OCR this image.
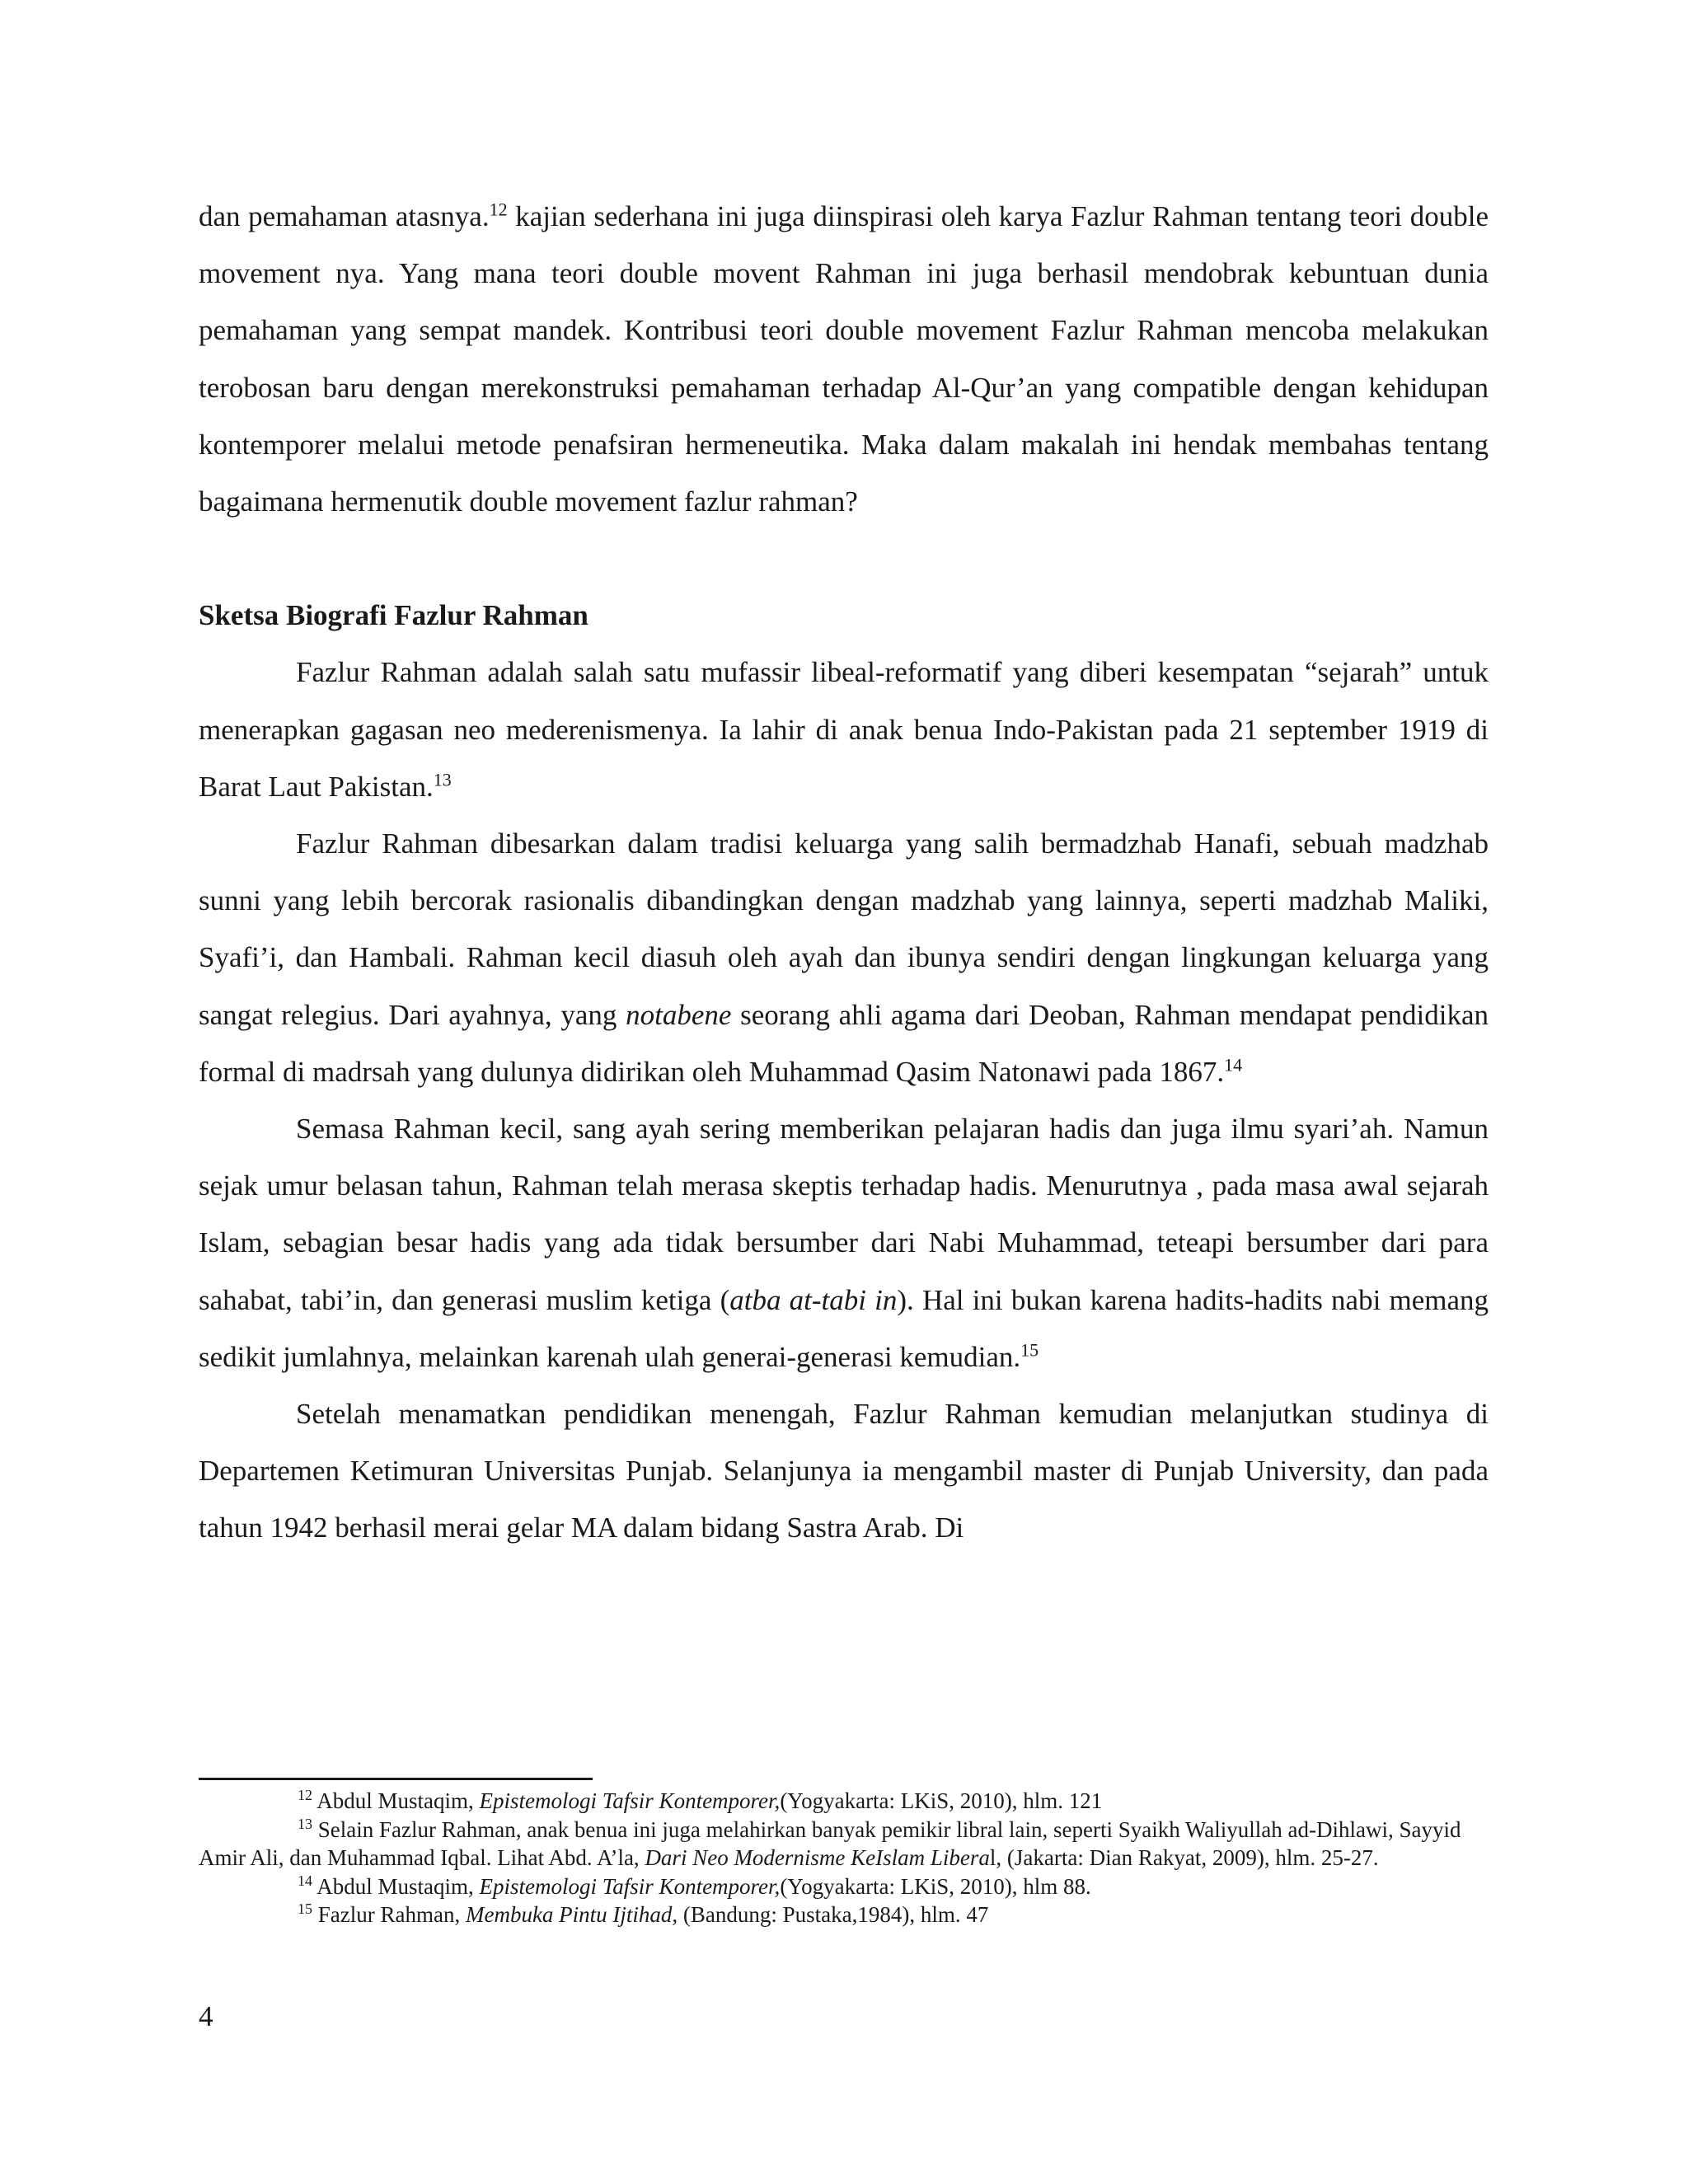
dan pemahaman atasnya.$^{12}$ kajian sederhana ini juga diinspirasi oleh karya Fazlur Rahman tentang teori double movement nya. Yang mana teori double movent Rahman ini juga berhasil mendobrak kebuntuan dunia pemahaman yang sempat mandek. Kontribusi teori double movement Fazlur Rahman mencoba melakukan terobosan baru dengan merekonstruksi pemahaman terhadap Al-Qur’an yang compatible dengan kehidupan kontemporer melalui metode penafsiran hermeneutika. Maka dalam makalah ini hendak membahas tentang bagaimana hermenutik double movement fazlur rahman?

Sketsa Biografi Fazlur Rahman

Fazlur Rahman adalah salah satu mufassir libeal-reformatif yang diberi kesempatan “sejarah” untuk menerapkan gagasan neo mederenismenya. Ia lahir di anak benua Indo-Pakistan pada 21 september 1919 di Barat Laut Pakistan.$^{13}$

Fazlur Rahman dibesarkan dalam tradisi keluarga yang salih bermadzhab Hanafi, sebuah madzhab sunni yang lebih bercorak rasionalis dibandingkan dengan madzhab yang lainnya, seperti madzhab Maliki, Syafi’i, dan Hambali. Rahman kecil diasuh oleh ayah dan ibunya sendiri dengan lingkungan keluarga yang sangat relegius. Dari ayahnya, yang notabene seorang ahli agama dari Deoban, Rahman mendapat pendidikan formal di madrsah yang dulunya didirikan oleh Muhammad Qasim Natonawi pada 1867.14

Semasa Rahman kecil, sang ayah sering memberikan pelajaran hadis dan juga ilmu syari’ah. Namun sejak umur belasan tahun, Rahman telah merasa skeptis terhadap hadis. Menurutnya , pada masa awal sejarah Islam, sebagian besar hadis yang ada tidak bersumber dari Nabi Muhammad, teteapi bersumber dari para sahabat, tabi’in, dan generasi muslim ketiga (atba at-tabi in). Hal ini bukan karena hadits-hadits nabi memang sedikit jumlahnya, melainkan karenah ulah generai-generasi kemudian.$^{15}$

Setelah menamatkan pendidikan menengah, Fazlur Rahman kemudian melanjutkan studinya di Departemen Ketimuran Universitas Punjab. Selanjunya ia mengambil master di Punjab University, dan pada tahun 1942 berhasil merai gelar MA dalam bidang Sastra Arab. Di

$^{12}$ Abdul Mustaqim, Epistemologi Tafsir Kontemporer,(Yogyakarta: LKiS, 2010), hlm. 121

$^{13}$ Selain Fazlur Rahman, anak benua ini juga melahirkan banyak pemikir libral lain, seperti Syaikh Waliyullah ad-Dihlawi, Sayyid Amir Ali, dan Muhammad Iqbal. Lihat Abd. A’la, Dari Neo Modernisme KeIslam Liberal, (Jakarta: Dian Rakyat, 2009), hlm. 25-27.

$^{14}$ Abdul Mustaqim, Epistemologi Tafsir Kontemporer,(Yogyakarta: LKiS, 2010), hlm 88.

$^{15}$ Fazlur Rahman, Membuka Pintu Ijtihad, (Bandung: Pustaka,1984), hlm. 47

4
